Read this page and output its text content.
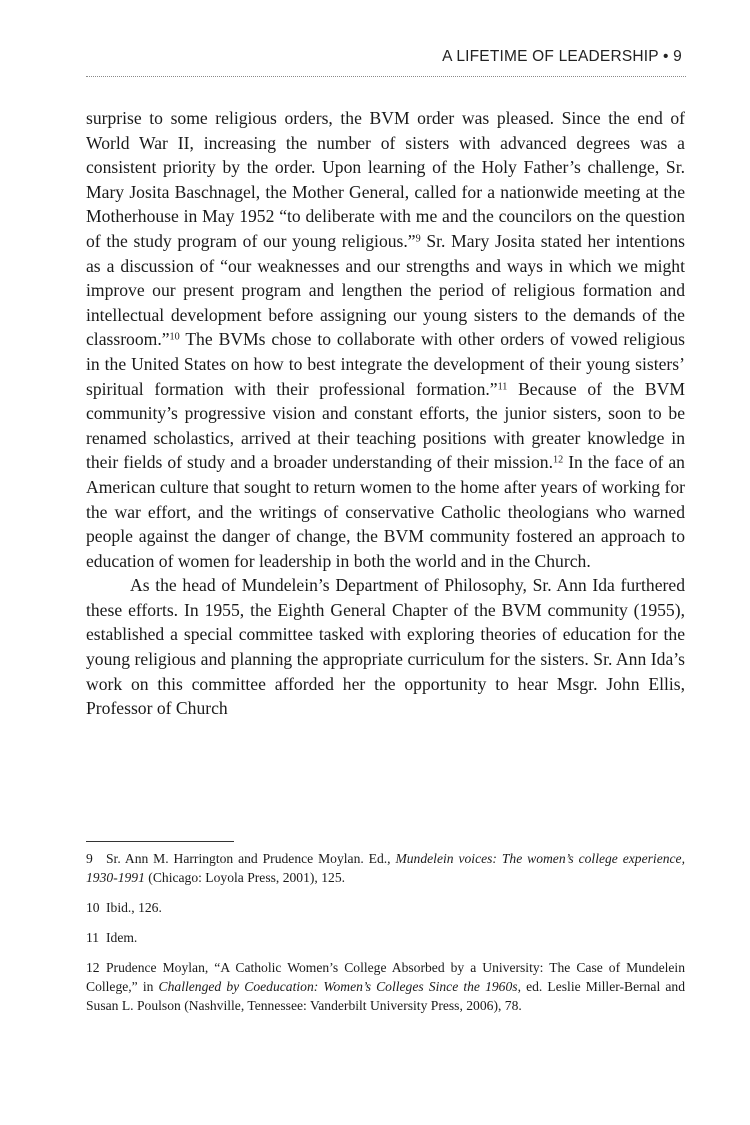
A LIFETIME OF LEADERSHIP • 9

surprise to some religious orders, the BVM order was pleased. Since the end of World War II, increasing the number of sisters with advanced degrees was a consistent priority by the order. Upon learning of the Holy Father’s challenge, Sr. Mary Josita Baschnagel, the Mother General, called for a nationwide meeting at the Motherhouse in May 1952 “to deliberate with me and the councilors on the question of the study program of our young religious.”$^9$ Sr. Mary Josita stated her intentions as a discussion of “our weaknesses and our strengths and ways in which we might improve our present program and lengthen the period of religious formation and intellectual development before assigning our young sisters to the demands of the classroom.”$^{10}$ The BVMs chose to collaborate with other orders of vowed religious in the United States on how to best integrate the development of their young sisters’ spiritual formation with their professional formation.”$^{11}$ Because of the BVM community’s progressive vision and constant efforts, the junior sisters, soon to be renamed scholastics, arrived at their teaching positions with greater knowledge in their fields of study and a broader understanding of their mission.$^{12}$ In the face of an American culture that sought to return women to the home after years of working for the war effort, and the writings of conservative Catholic theologians who warned people against the danger of change, the BVM community fostered an approach to education of women for leadership in both the world and in the Church.

As the head of Mundelein’s Department of Philosophy, Sr. Ann Ida furthered these efforts. In 1955, the Eighth General Chapter of the BVM community (1955), established a special committee tasked with exploring theories of education for the young religious and planning the appropriate curriculum for the sisters. Sr. Ann Ida’s work on this committee afforded her the opportunity to hear Msgr. John Ellis, Professor of Church

9 Sr. Ann M. Harrington and Prudence Moylan. Ed., Mundelein voices: The women’s college experience, 1930-1991 (Chicago: Loyola Press, 2001), 125.

10 Ibid., 126.

11 Idem.

12 Prudence Moylan, “A Catholic Women’s College Absorbed by a University: The Case of Mundelein College,” in Challenged by Coeducation: Women’s Colleges Since the 1960s, ed. Leslie Miller-Bernal and Susan L. Poulson (Nashville, Tennessee: Vanderbilt University Press, 2006), 78.
